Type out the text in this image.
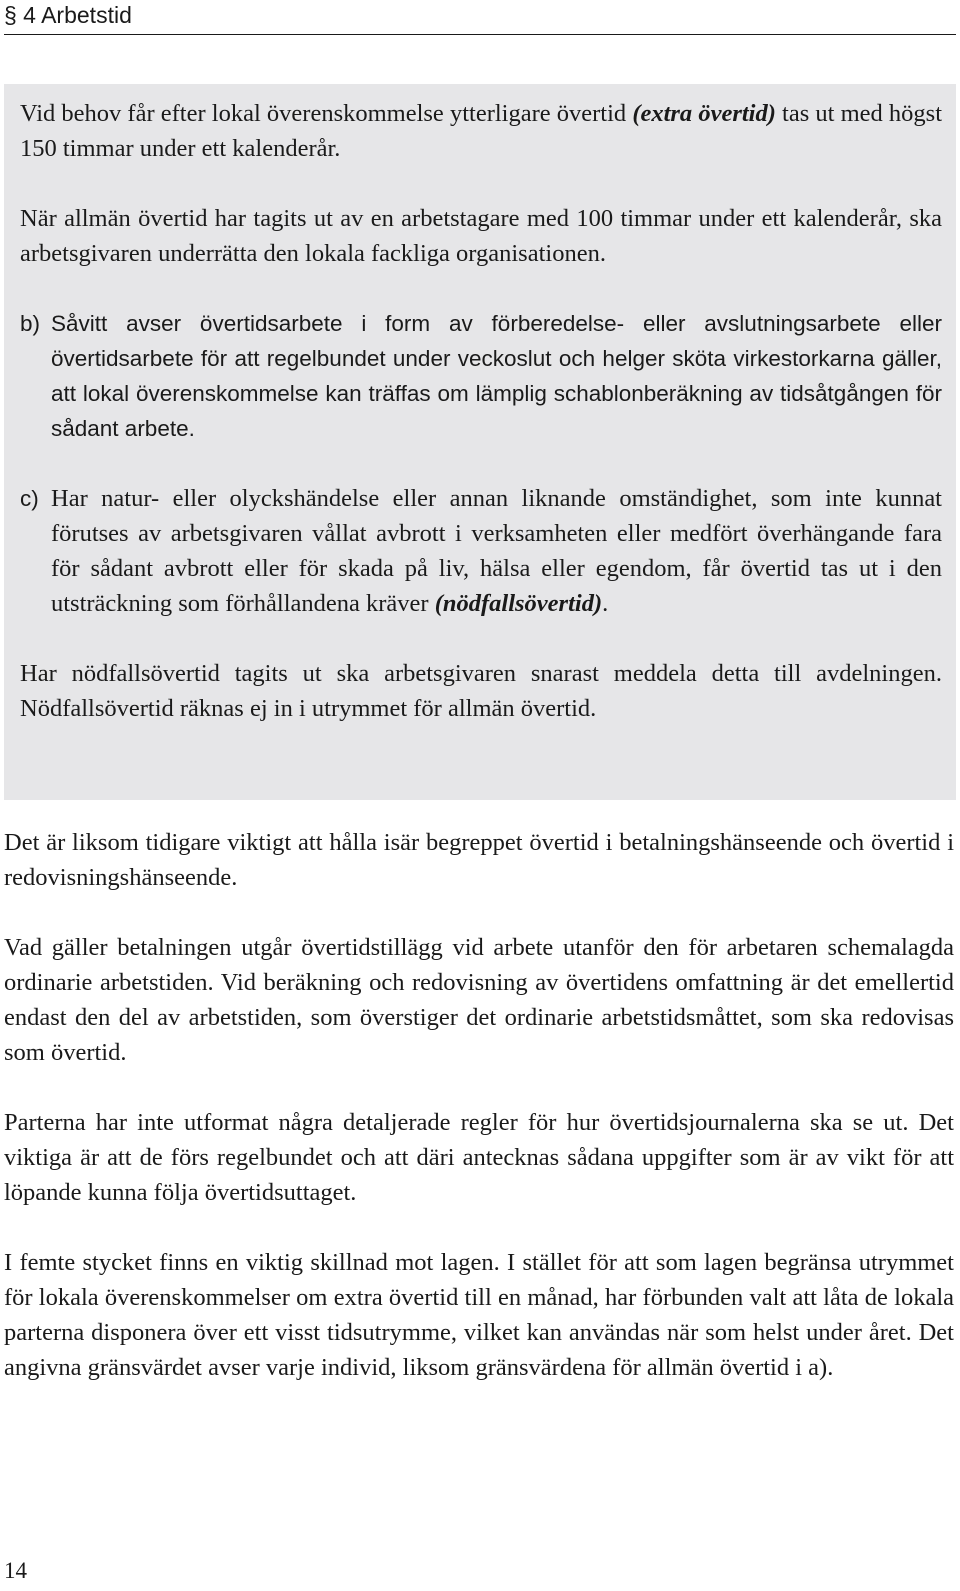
§ 4 Arbetstid

Vid behov får efter lokal överenskommelse ytterligare övertid (extra övertid) tas ut med högst 150 timmar under ett kalenderår.

När allmän övertid har tagits ut av en arbetstagare med 100 timmar under ett kalenderår, ska arbetsgivaren underrätta den lokala fackliga organisationen.

b) Såvitt avser övertidsarbete i form av förberedelse- eller avslutningsarbete eller övertidsarbete för att regelbundet under veckoslut och helger sköta virkestorkarna gäller, att lokal överenskommelse kan träffas om lämplig schablonberäkning av tidsåtgången för sådant arbete.
c) Har natur- eller olyckshändelse eller annan liknande omständighet, som inte kunnat förutses av arbetsgivaren vållat avbrott i verksamheten eller medfört överhängande fara för sådant avbrott eller för skada på liv, hälsa eller egendom, får övertid tas ut i den utsträckning som förhållandena kräver (nödfallsövertid).

Har nödfallsövertid tagits ut ska arbetsgivaren snarast meddela detta till avdelningen. Nödfallsövertid räknas ej in i utrymmet för allmän övertid.

Det är liksom tidigare viktigt att hålla isär begreppet övertid i betalningshänseende och övertid i redovisningshänseende.

Vad gäller betalningen utgår övertidstillägg vid arbete utanför den för arbetaren schemalagda ordinarie arbetstiden. Vid beräkning och redovisning av övertidens omfattning är det emellertid endast den del av arbetstiden, som överstiger det ordinarie arbetstidsmåttet, som ska redovisas som övertid.

Parterna har inte utformat några detaljerade regler för hur övertidsjournalerna ska se ut. Det viktiga är att de förs regelbundet och att däri antecknas sådana uppgifter som är av vikt för att löpande kunna följa övertidsuttaget.

I femte stycket finns en viktig skillnad mot lagen. I stället för att som lagen begränsa utrymmet för lokala överenskommelser om extra övertid till en månad, har förbunden valt att låta de lokala parterna disponera över ett visst tidsutrymme, vilket kan användas när som helst under året. Det angivna gränsvärdet avser varje individ, liksom gränsvärdena för allmän övertid i a).

14
